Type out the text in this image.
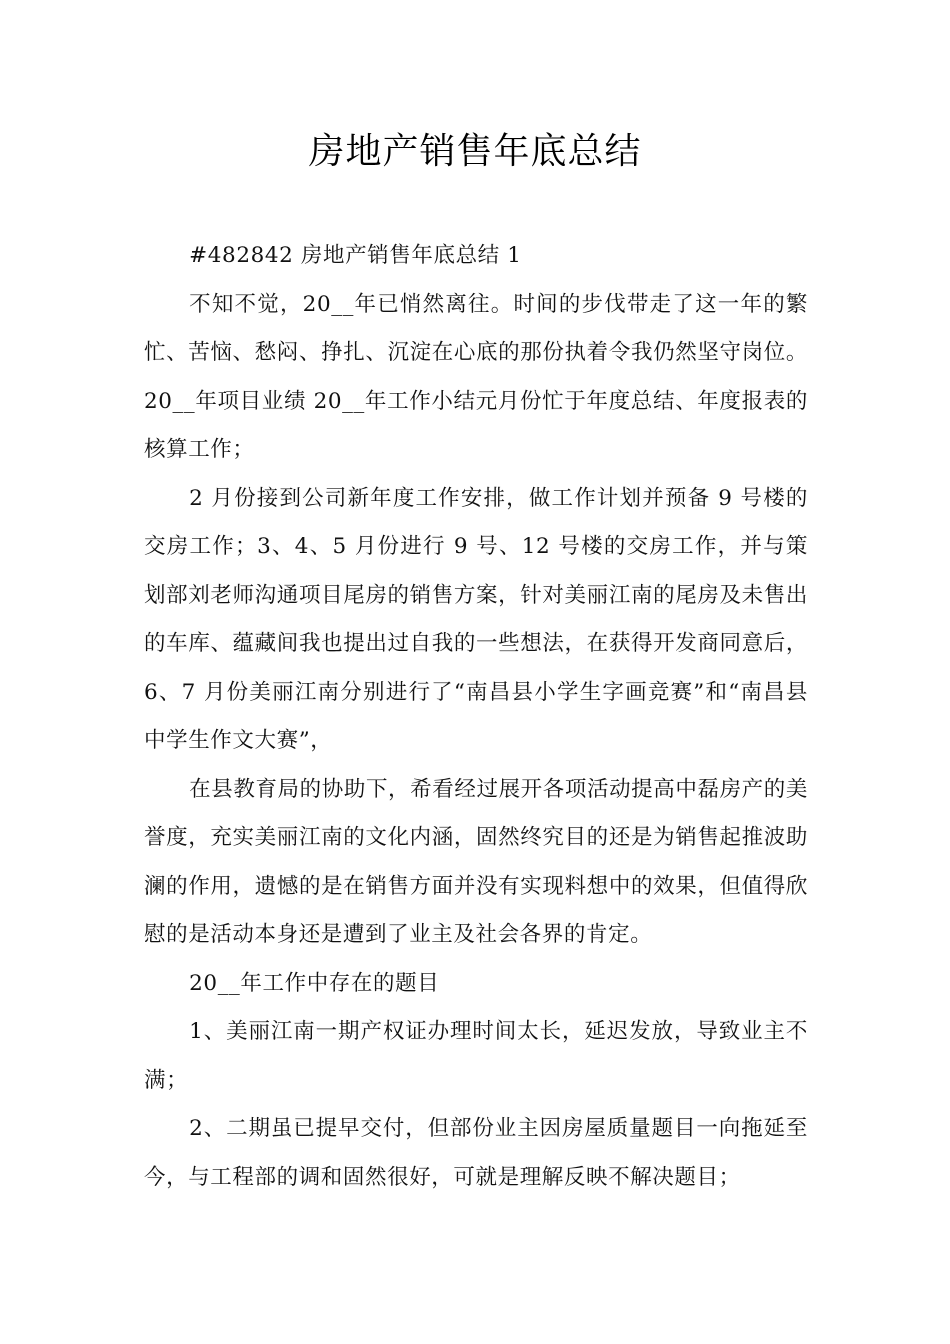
房地产销售年底总结

#482842 房地产销售年底总结 1

不知不觉，20__年已悄然离往。时间的步伐带走了这一年的繁忙、苦恼、愁闷、挣扎、沉淀在心底的那份执着令我仍然坚守岗位。20__年项目业绩 20__年工作小结元月份忙于年度总结、年度报表的核算工作；

2 月份接到公司新年度工作安排，做工作计划并预备 9 号楼的交房工作；3、4、5 月份进行 9 号、12 号楼的交房工作，并与策划部刘老师沟通项目尾房的销售方案，针对美丽江南的尾房及未售出的车库、蕴藏间我也提出过自我的一些想法，在获得开发商同意后，6、7 月份美丽江南分别进行了“南昌县小学生字画竞赛”和“南昌县中学生作文大赛”，

在县教育局的协助下，希看经过展开各项活动提高中磊房产的美誉度，充实美丽江南的文化内涵，固然终究目的还是为销售起推波助澜的作用，遗憾的是在销售方面并没有实现料想中的效果，但值得欣慰的是活动本身还是遭到了业主及社会各界的肯定。

20__年工作中存在的题目

1、美丽江南一期产权证办理时间太长，延迟发放，导致业主不满；

2、二期虽已提早交付，但部份业主因房屋质量题目一向拖延至今，与工程部的调和固然很好，可就是理解反映不解决题目；
